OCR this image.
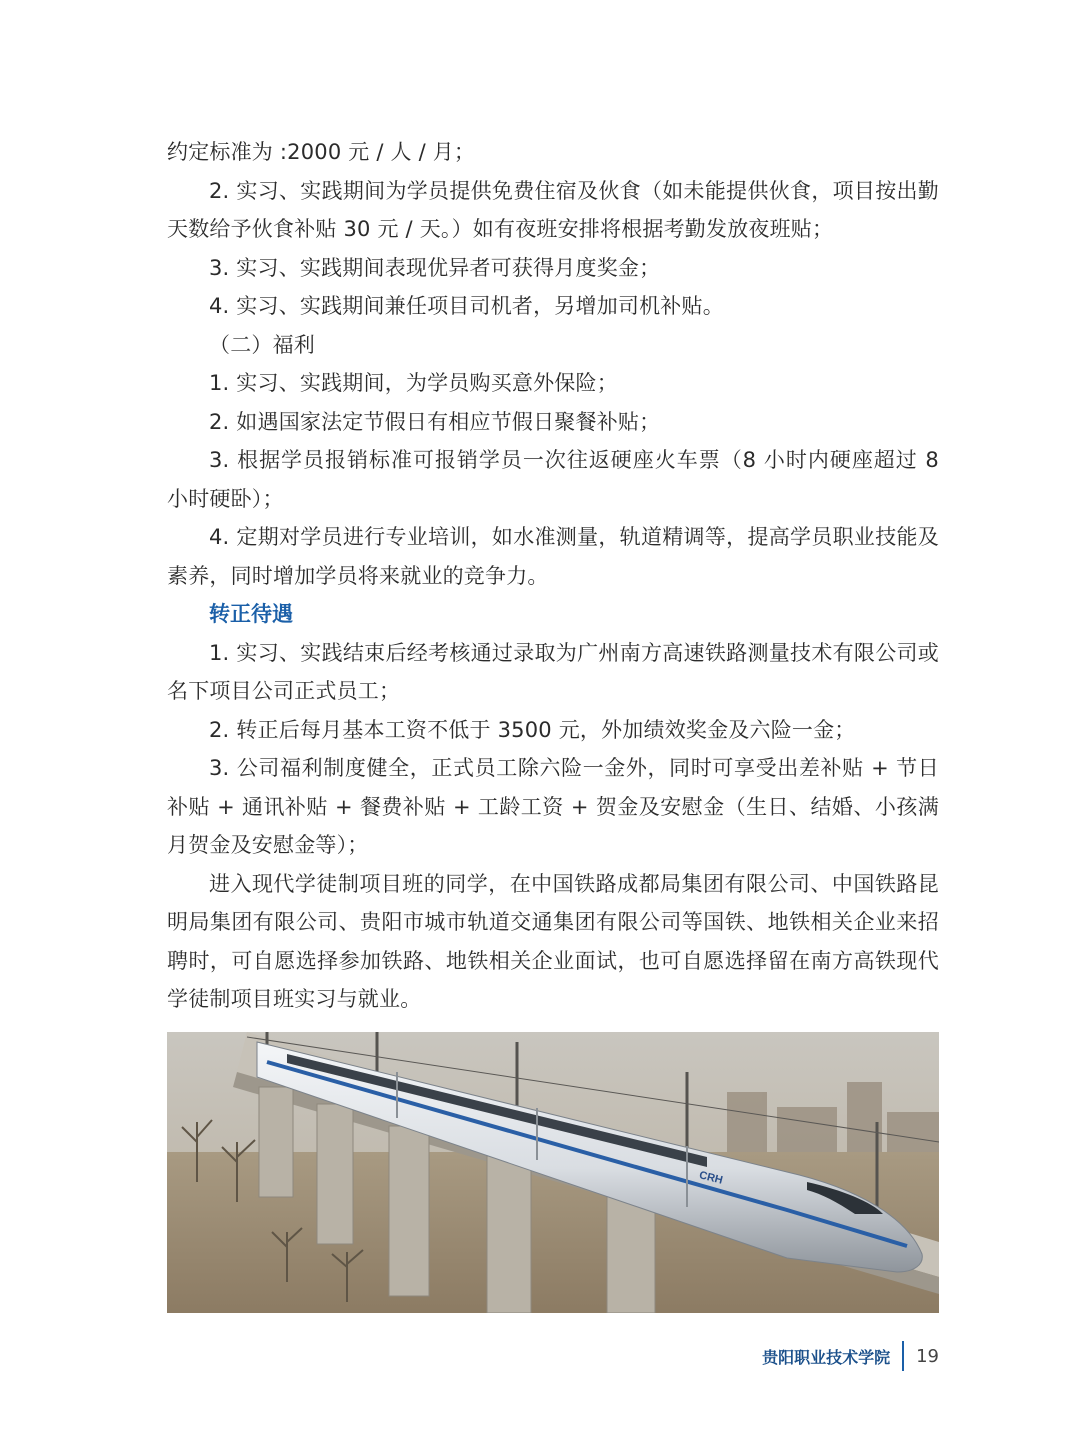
约定标准为 :2000 元 / 人 / 月；

2. 实习、实践期间为学员提供免费住宿及伙食（如未能提供伙食，项目按出勤天数给予伙食补贴 30 元 / 天。）如有夜班安排将根据考勤发放夜班贴；

3. 实习、实践期间表现优异者可获得月度奖金；

4. 实习、实践期间兼任项目司机者，另增加司机补贴。

（二）福利

1. 实习、实践期间，为学员购买意外保险；

2. 如遇国家法定节假日有相应节假日聚餐补贴；

3. 根据学员报销标准可报销学员一次往返硬座火车票（8 小时内硬座超过 8 小时硬卧）；

4. 定期对学员进行专业培训，如水准测量，轨道精调等，提高学员职业技能及素养，同时增加学员将来就业的竞争力。

转正待遇

1. 实习、实践结束后经考核通过录取为广州南方高速铁路测量技术有限公司或名下项目公司正式员工；

2. 转正后每月基本工资不低于 3500 元，外加绩效奖金及六险一金；

3. 公司福利制度健全，正式员工除六险一金外，同时可享受出差补贴 + 节日补贴 + 通讯补贴 + 餐费补贴 + 工龄工资 + 贺金及安慰金（生日、结婚、小孩满月贺金及安慰金等）；

进入现代学徒制项目班的同学，在中国铁路成都局集团有限公司、中国铁路昆明局集团有限公司、贵阳市城市轨道交通集团有限公司等国铁、地铁相关企业来招聘时，可自愿选择参加铁路、地铁相关企业面试，也可自愿选择留在南方高铁现代学徒制项目班实习与就业。

CRH
贵阳职业技术学院 19
